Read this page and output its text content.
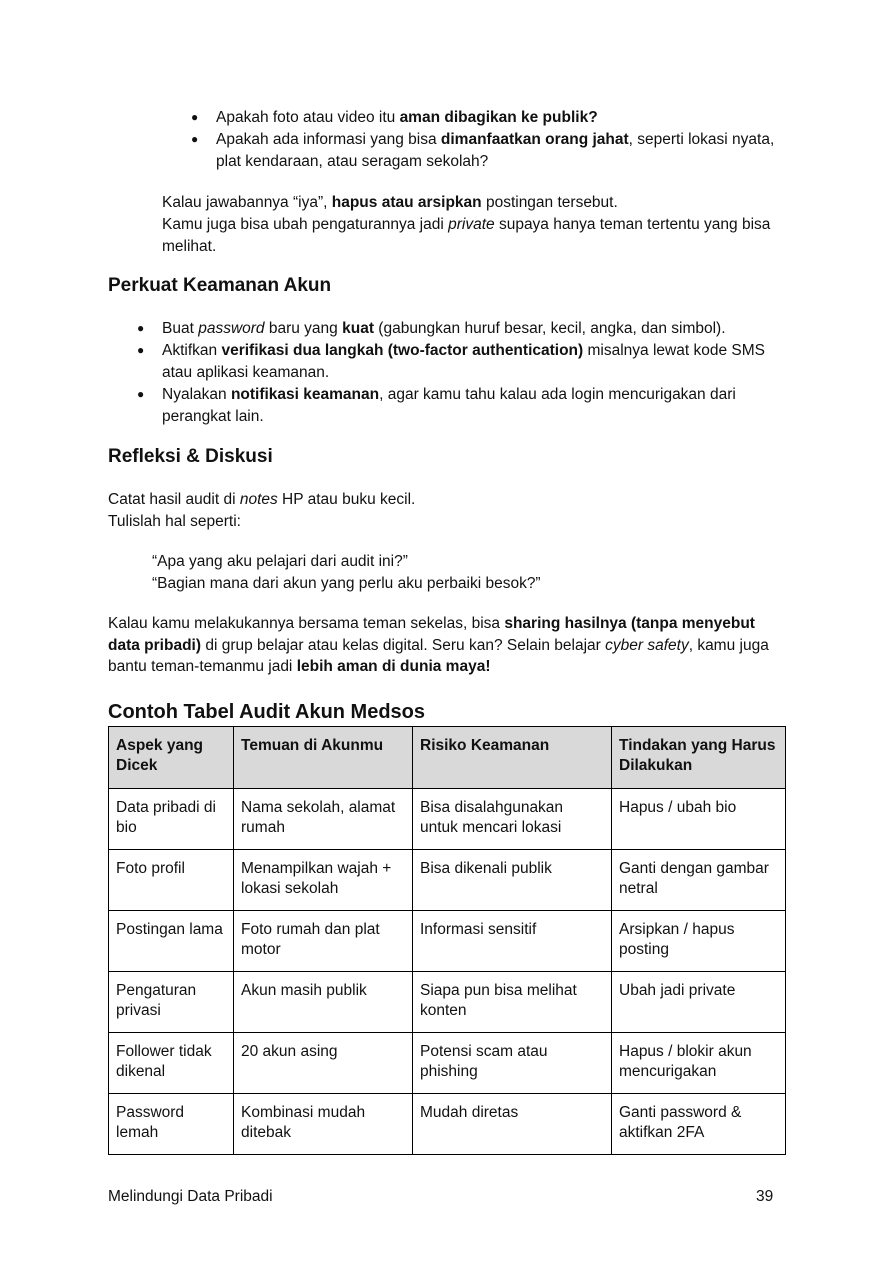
● Apakah foto atau video itu aman dibagikan ke publik?

● Apakah ada informasi yang bisa dimanfaatkan orang jahat, seperti lokasi nyata, plat kendaraan, atau seragam sekolah?

Kalau jawabannya “iya”, hapus atau arsipkan postingan tersebut.

Kamu juga bisa ubah pengaturannya jadi private supaya hanya teman tertentu yang bisa melihat.

Perkuat Keamanan Akun
● Buat password baru yang kuat (gabungkan huruf besar, kecil, angka, dan simbol).

● Aktifkan verifikasi dua langkah (two-factor authentication) misalnya lewat kode SMS atau aplikasi keamanan.

● Nyalakan notifikasi keamanan, agar kamu tahu kalau ada login mencurigakan dari perangkat lain.

Refleksi & Diskusi

Catat hasil audit di notes HP atau buku kecil.

Tulislah hal seperti:

“Apa yang aku pelajari dari audit ini?”

“Bagian mana dari akun yang perlu aku perbaiki besok?”

Kalau kamu melakukannya bersama teman sekelas, bisa sharing hasilnya (tanpa menyebut data pribadi) di grup belajar atau kelas digital. Seru kan? Selain belajar cyber safety, kamu juga bantu teman-temanmu jadi lebih aman di dunia maya!

Contoh Tabel Audit Akun Medsos
Aspek yang Dicek	Temuan di Akunmu	Risiko Keamanan	Tindakan yang Harus Dilakukan
Data pribadi di bio	Nama sekolah, alamat rumah	Bisa disalahgunakan untuk mencari lokasi	Hapus / ubah bio
Foto profil	Menampilkan wajah + lokasi sekolah	Bisa dikenali publik	Ganti dengan gambar netral
Postingan lama	Foto rumah dan plat motor	Informasi sensitif	Arsipkan / hapus posting
Pengaturan privasi	Akun masih publik	Siapa pun bisa melihat konten	Ubah jadi private
Follower tidak dikenal	20 akun asing	Potensi scam atau phishing	Hapus / blokir akun mencurigakan
Password lemah	Kombinasi mudah ditebak	Mudah diretas	Ganti password & aktifkan 2FA
Melindungi Data Pribadi	39
